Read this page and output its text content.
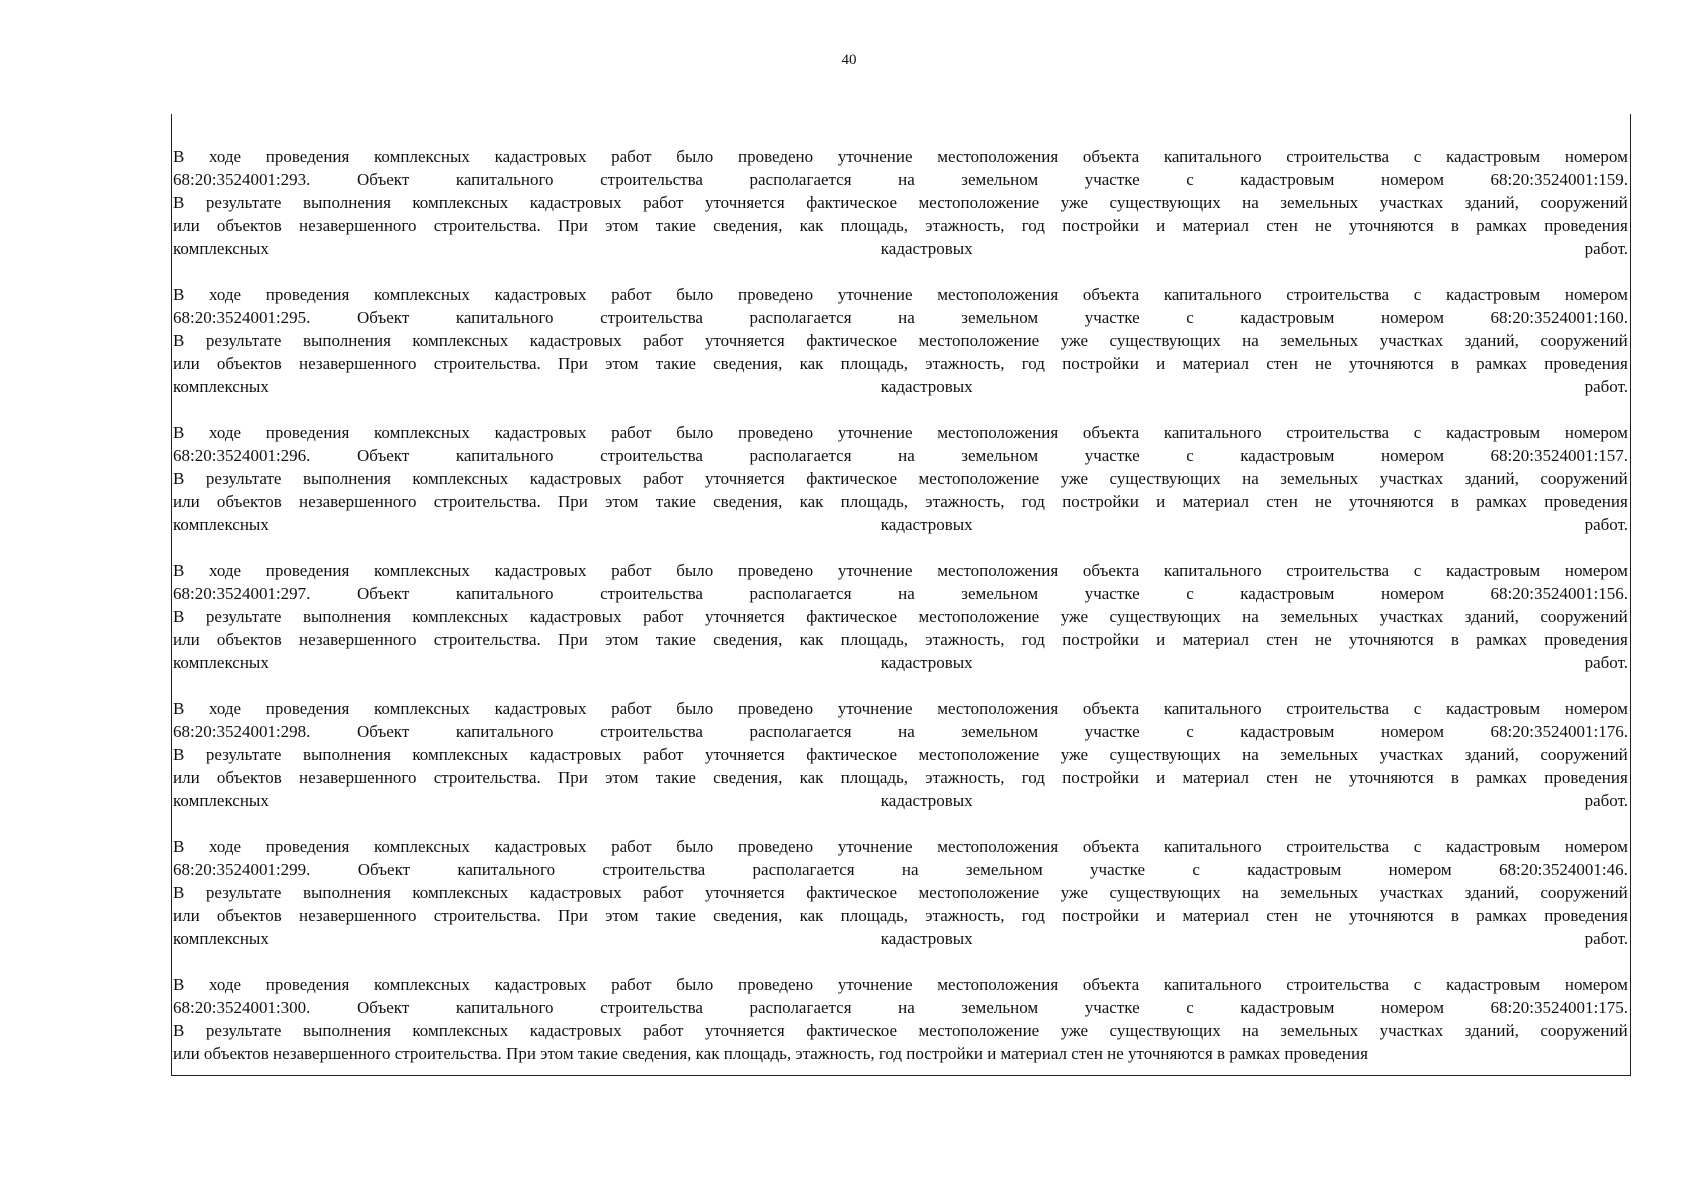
40
В ходе проведения комплексных кадастровых работ было проведено уточнение местоположения объекта капитального строительства с кадастровым номером
68:20:3524001:293.	Объект	капитального	строительства	располагается	на	земельном	участке	с	кадастровым	номером	68:20:3524001:159.
В результате выполнения комплексных кадастровых работ уточняется фактическое местоположение уже существующих на земельных участках зданий, сооружений
или объектов незавершенного строительства. При этом такие сведения, как площадь, этажность, год постройки и материал стен не уточняются в рамках проведения
комплексных	кадастровых	работ.
В ходе проведения комплексных кадастровых работ было проведено уточнение местоположения объекта капитального строительства с кадастровым номером
68:20:3524001:295.	Объект	капитального	строительства	располагается	на	земельном	участке	с	кадастровым	номером	68:20:3524001:160.
В результате выполнения комплексных кадастровых работ уточняется фактическое местоположение уже существующих на земельных участках зданий, сооружений
или объектов незавершенного строительства. При этом такие сведения, как площадь, этажность, год постройки и материал стен не уточняются в рамках проведения
комплексных	кадастровых	работ.
В ходе проведения комплексных кадастровых работ было проведено уточнение местоположения объекта капитального строительства с кадастровым номером
68:20:3524001:296.	Объект	капитального	строительства	располагается	на	земельном	участке	с	кадастровым	номером	68:20:3524001:157.
В результате выполнения комплексных кадастровых работ уточняется фактическое местоположение уже существующих на земельных участках зданий, сооружений
или объектов незавершенного строительства. При этом такие сведения, как площадь, этажность, год постройки и материал стен не уточняются в рамках проведения
комплексных	кадастровых	работ.
В ходе проведения комплексных кадастровых работ было проведено уточнение местоположения объекта капитального строительства с кадастровым номером
68:20:3524001:297.	Объект	капитального	строительства	располагается	на	земельном	участке	с	кадастровым	номером	68:20:3524001:156.
В результате выполнения комплексных кадастровых работ уточняется фактическое местоположение уже существующих на земельных участках зданий, сооружений
или объектов незавершенного строительства. При этом такие сведения, как площадь, этажность, год постройки и материал стен не уточняются в рамках проведения
комплексных	кадастровых	работ.
В ходе проведения комплексных кадастровых работ было проведено уточнение местоположения объекта капитального строительства с кадастровым номером
68:20:3524001:298.	Объект	капитального	строительства	располагается	на	земельном	участке	с	кадастровым	номером	68:20:3524001:176.
В результате выполнения комплексных кадастровых работ уточняется фактическое местоположение уже существующих на земельных участках зданий, сооружений
или объектов незавершенного строительства. При этом такие сведения, как площадь, этажность, год постройки и материал стен не уточняются в рамках проведения
комплексных	кадастровых	работ.
В ходе проведения комплексных кадастровых работ было проведено уточнение местоположения объекта капитального строительства с кадастровым номером
68:20:3524001:299.	Объект	капитального	строительства	располагается	на	земельном	участке	с	кадастровым	номером	68:20:3524001:46.
В результате выполнения комплексных кадастровых работ уточняется фактическое местоположение уже существующих на земельных участках зданий, сооружений
или объектов незавершенного строительства. При этом такие сведения, как площадь, этажность, год постройки и материал стен не уточняются в рамках проведения
комплексных	кадастровых	работ.
В ходе проведения комплексных кадастровых работ было проведено уточнение местоположения объекта капитального строительства с кадастровым номером
68:20:3524001:300.	Объект	капитального	строительства	располагается	на	земельном	участке	с	кадастровым	номером	68:20:3524001:175.
В результате выполнения комплексных кадастровых работ уточняется фактическое местоположение уже существующих на земельных участках зданий, сооружений
или объектов незавершенного строительства. При этом такие сведения, как площадь, этажность, год постройки и материал стен не уточняются в рамках проведения
